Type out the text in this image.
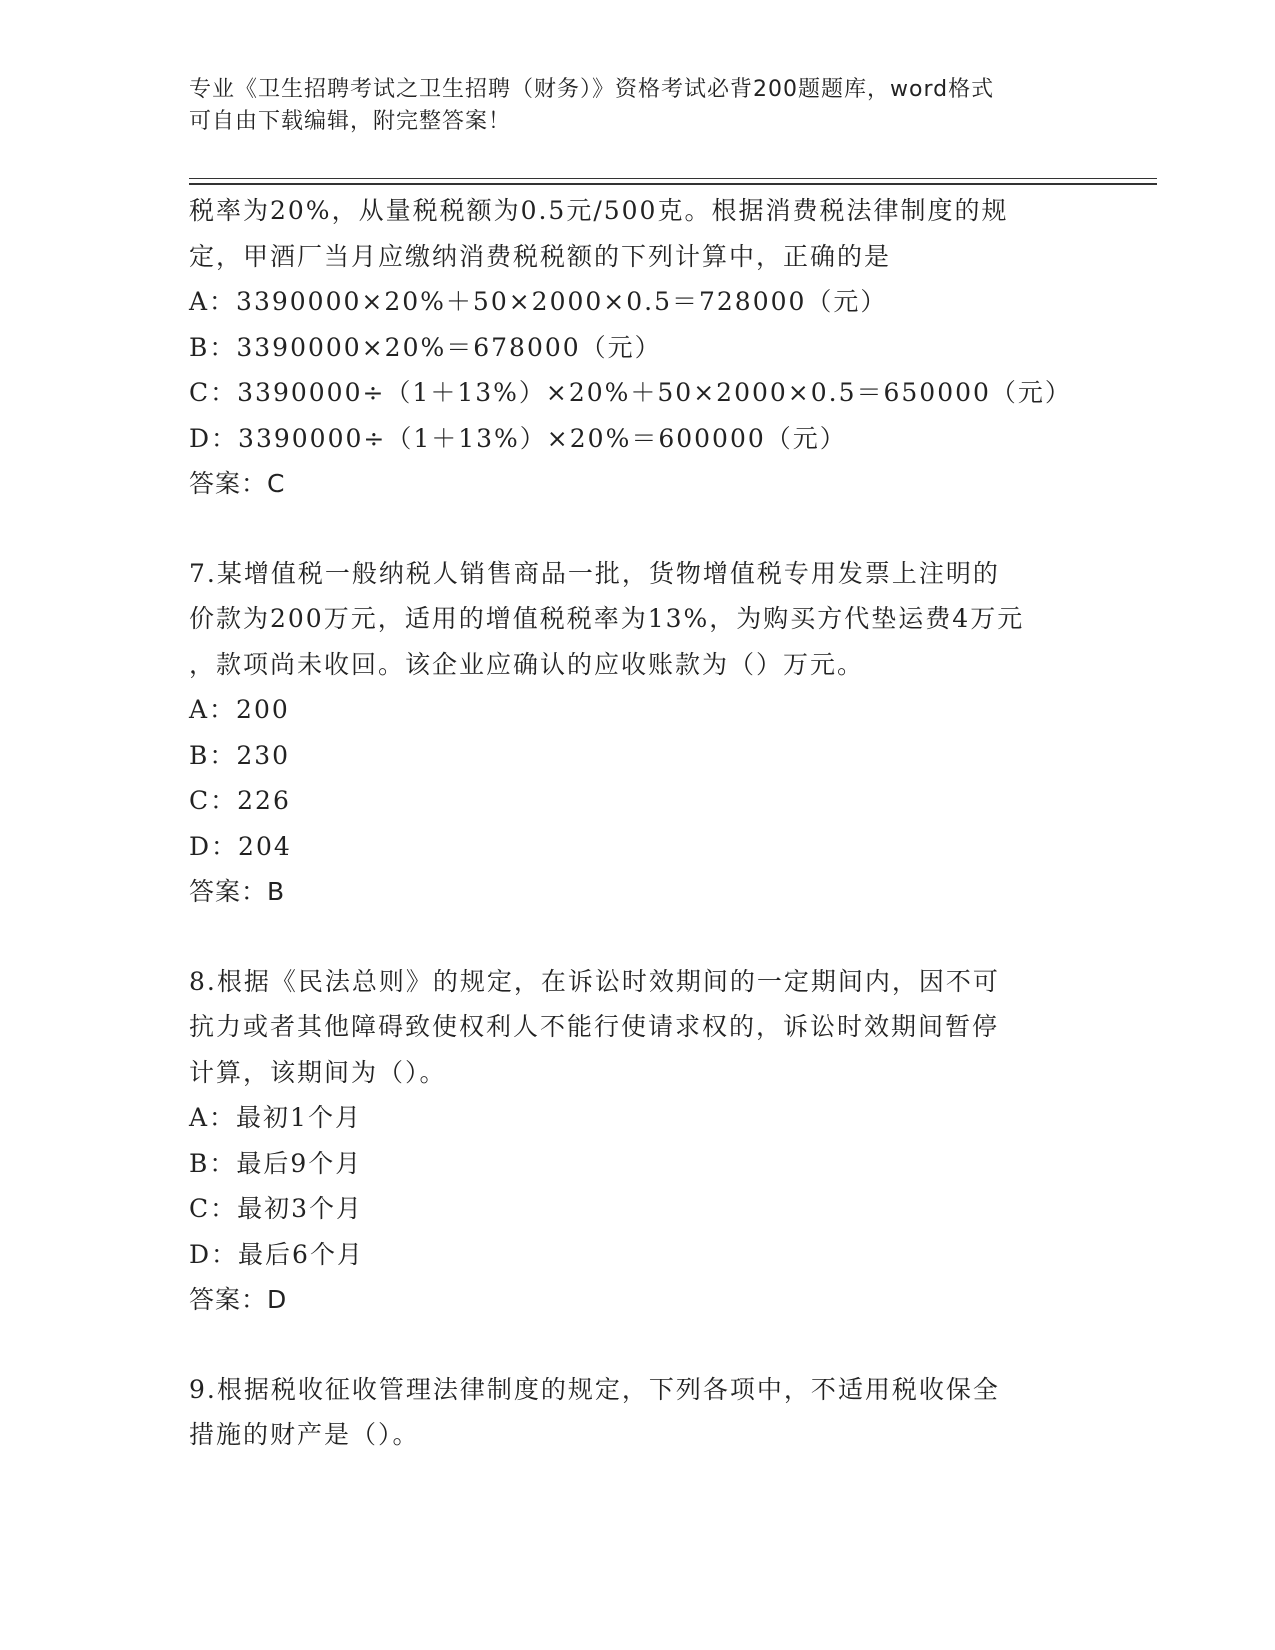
专业《卫生招聘考试之卫生招聘（财务）》资格考试必背200题题库，word格式
可自由下载编辑，附完整答案！
税率为20%，从量税税额为0.5元/500克。根据消费税法律制度的规
定，甲酒厂当月应缴纳消费税税额的下列计算中，正确的是
A：3390000×20%＋50×2000×0.5＝728000（元）
B：3390000×20%＝678000（元）
C：3390000÷（1＋13%）×20%＋50×2000×0.5＝650000（元）
D：3390000÷（1＋13%）×20%＝600000（元）
答案：C
7.某增值税一般纳税人销售商品一批，货物增值税专用发票上注明的
价款为200万元，适用的增值税税率为13%，为购买方代垫运费4万元
，款项尚未收回。该企业应确认的应收账款为（）万元。
A：200
B：230
C：226
D：204
答案：B
8.根据《民法总则》的规定，在诉讼时效期间的一定期间内，因不可
抗力或者其他障碍致使权利人不能行使请求权的，诉讼时效期间暂停
计算，该期间为（）。
A：最初1个月
B：最后9个月
C：最初3个月
D：最后6个月
答案：D
9.根据税收征收管理法律制度的规定，下列各项中，不适用税收保全
措施的财产是（）。
